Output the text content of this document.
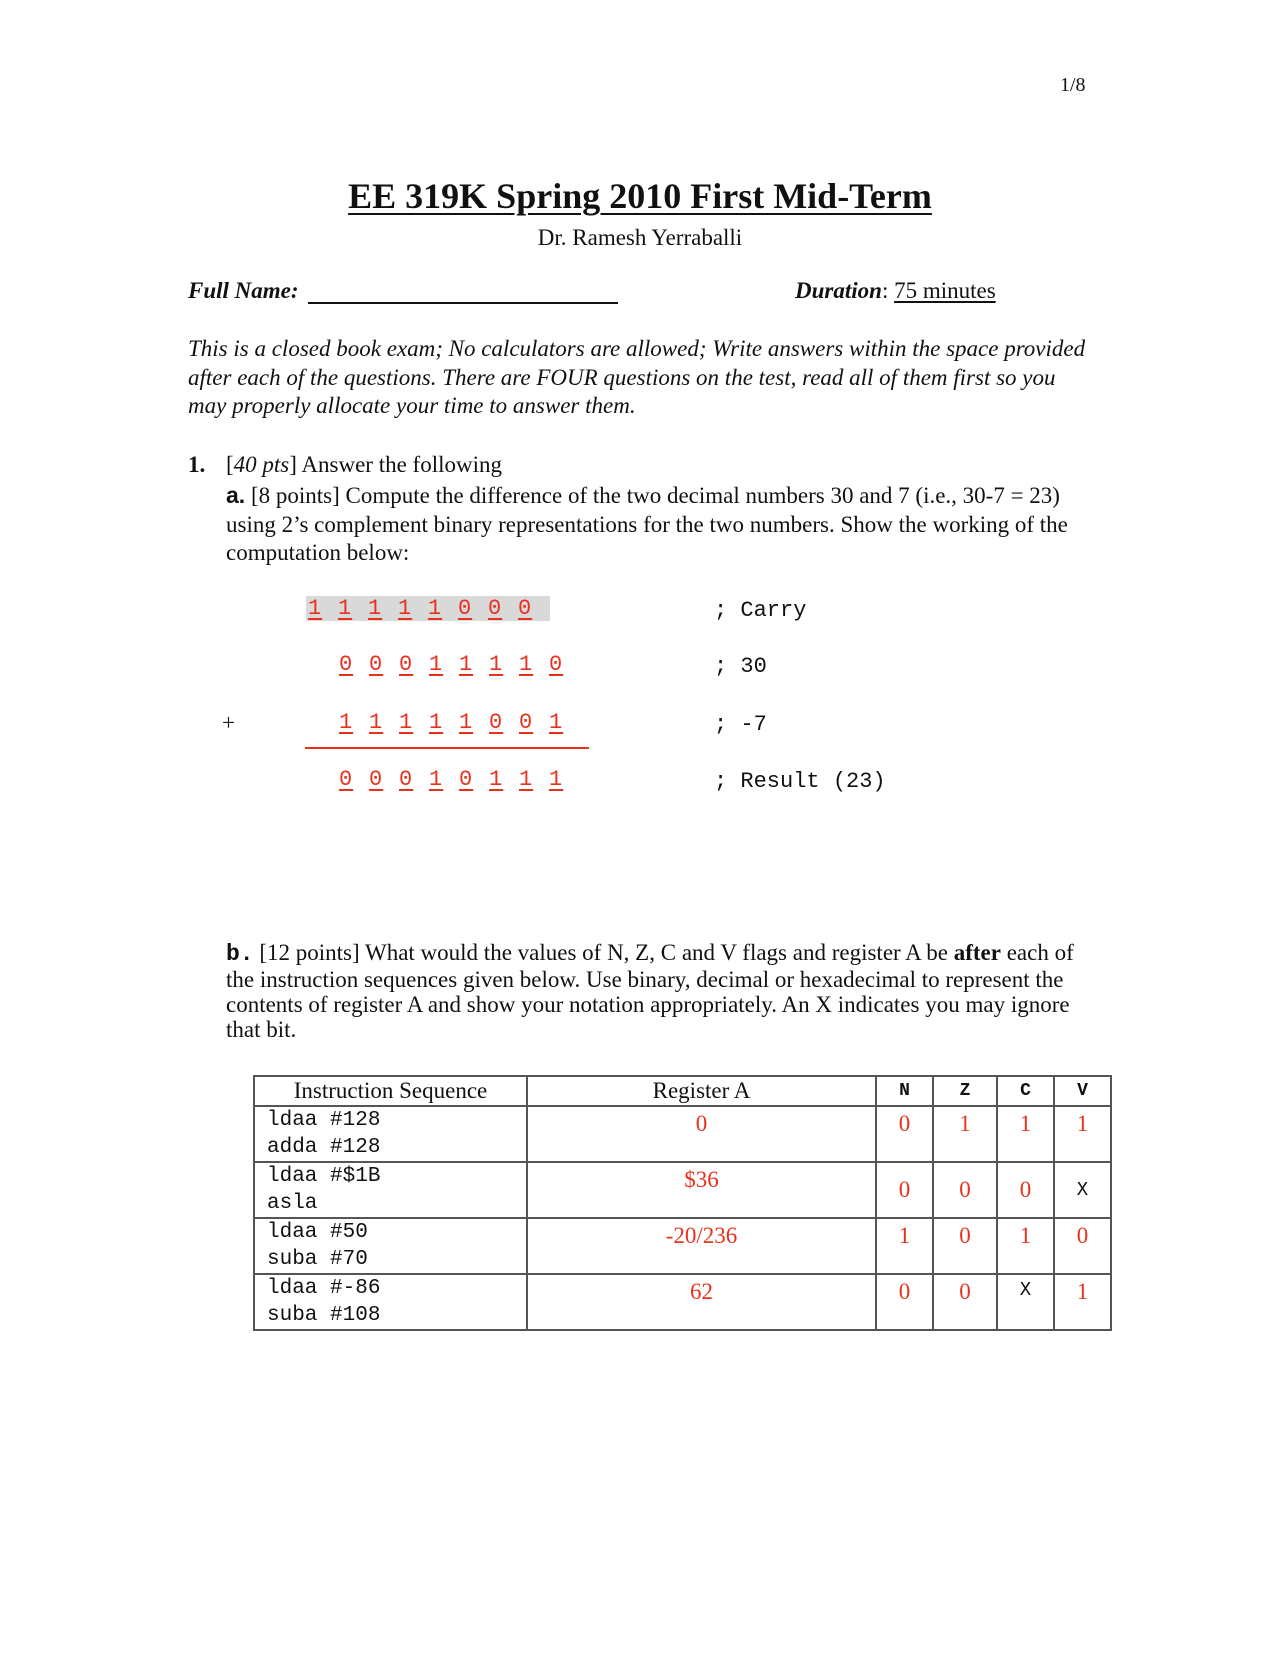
1/8
EE 319K Spring 2010 First Mid-Term
Dr. Ramesh Yerraballi
Full Name:	Duration: 75 minutes
This is a closed book exam; No calculators are allowed; Write answers within the space provided after each of the questions. There are FOUR questions on the test, read all of them first so you may properly allocate your time to answer them.
1. [40 pts] Answer the following
a. [8 points] Compute the difference of the two decimal numbers 30 and 7 (i.e., 30-7 = 23) using 2’s complement binary representations for the two numbers. Show the working of the computation below:
1 1 1 1 1 0 0 0	; Carry
0 0 0 1 1 1 1 0	; 30
+	1 1 1 1 1 0 0 1	; -7
0 0 0 1 0 1 1 1	; Result (23)
b. [12 points] What would the values of N, Z, C and V flags and register A be after each of the instruction sequences given below. Use binary, decimal or hexadecimal to represent the contents of register A and show your notation appropriately. An X indicates you may ignore that bit.
Instruction Sequence	Register A	N	Z	C	V

ldaa #128
adda #128	0	0	1	1	1

ldaa #$1B
asla	$36	0	0	0	X

ldaa #50
suba #70	-20/236	1	0	1	0

ldaa #-86
suba #108	62	0	0	X	1
